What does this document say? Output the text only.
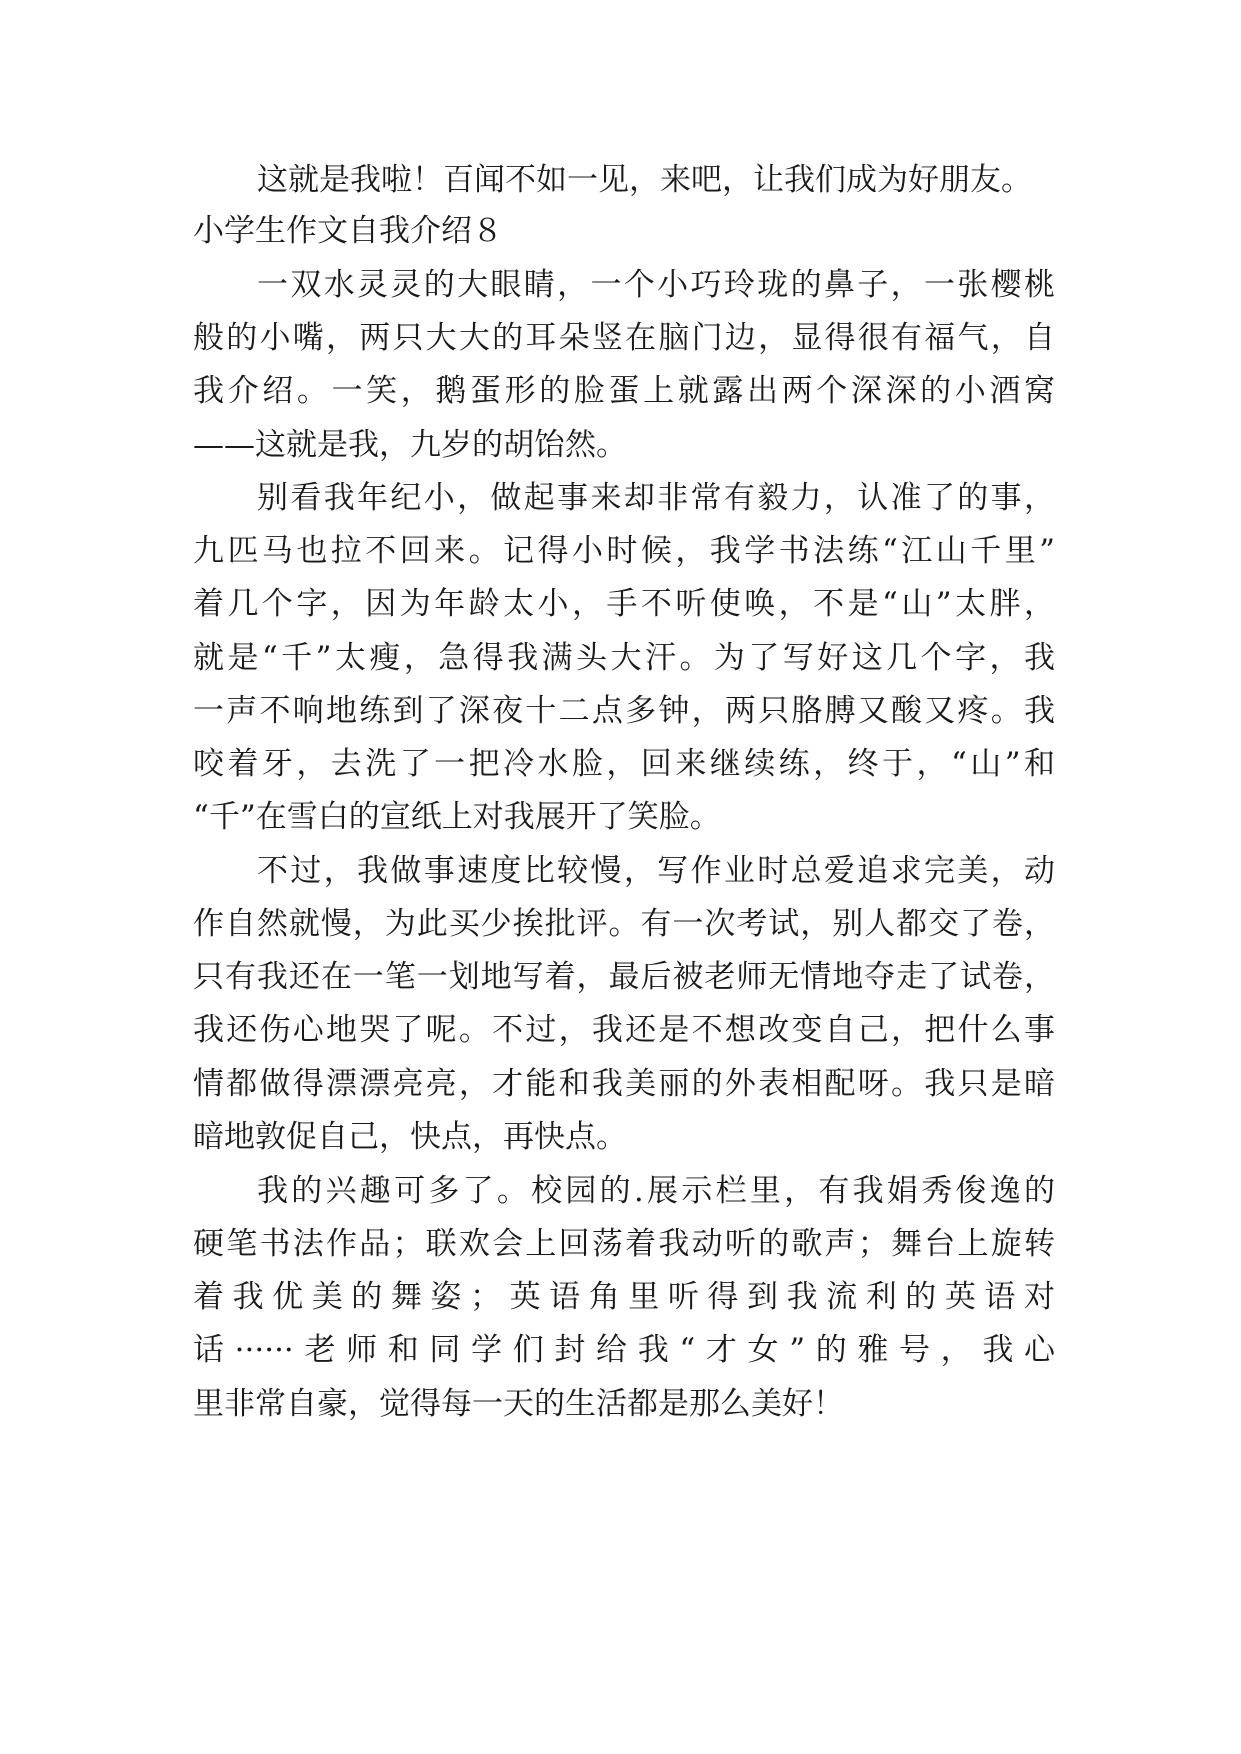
这就是我啦！百闻不如一见，来吧，让我们成为好朋友。
小学生作文自我介绍８
一双水灵灵的大眼睛，一个小巧玲珑的鼻子，一张樱桃
般的小嘴，两只大大的耳朵竖在脑门边，显得很有福气，自
我介绍。一笑，鹅蛋形的脸蛋上就露出两个深深的小酒窝
——这就是我，九岁的胡饴然。
别看我年纪小，做起事来却非常有毅力，认准了的事，
九匹马也拉不回来。记得小时候，我学书法练“江山千里”
着几个字，因为年龄太小，手不听使唤，不是“山”太胖，
就是“千”太瘦，急得我满头大汗。为了写好这几个字，我
一声不响地练到了深夜十二点多钟，两只胳膊又酸又疼。我
咬着牙，去洗了一把冷水脸，回来继续练，终于，“山”和
“千”在雪白的宣纸上对我展开了笑脸。
不过，我做事速度比较慢，写作业时总爱追求完美，动
作自然就慢，为此买少挨批评。有一次考试，别人都交了卷，
只有我还在一笔一划地写着，最后被老师无情地夺走了试卷，
我还伤心地哭了呢。不过，我还是不想改变自己，把什么事
情都做得漂漂亮亮，才能和我美丽的外表相配呀。我只是暗
暗地敦促自己，快点，再快点。
我的兴趣可多了。校园的.展示栏里，有我娟秀俊逸的
硬笔书法作品；联欢会上回荡着我动听的歌声；舞台上旋转
着我优美的舞姿；英语角里听得到我流利的英语对
话······老师和同学们封给我“才女”的雅号，我心
里非常自豪，觉得每一天的生活都是那么美好！
